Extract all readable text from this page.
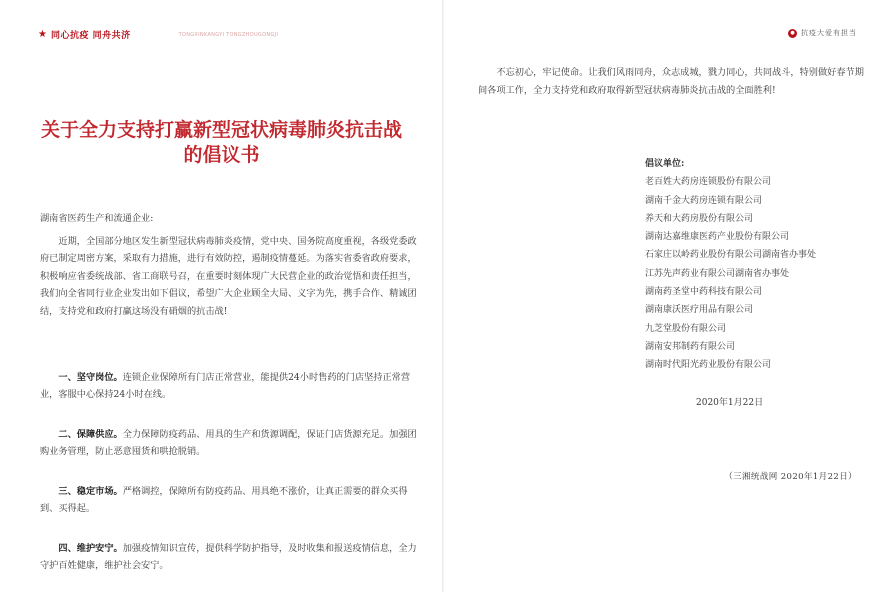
★ 同心抗疫 同舟共济	TONGXINKANGYI TONGZHOUGONGJI
关于全力支持打赢新型冠状病毒肺炎抗击战
的倡议书
湖南省医药生产和流通企业:
近期，全国部分地区发生新型冠状病毒肺炎疫情，党中央、国务院高度重视，各级党委政府已制定周密方案，采取有力措施，进行有效防控，遏制疫情蔓延。为落实省委省政府要求，积极响应省委统战部、省工商联号召，在重要时刻体现广大民营企业的政治觉悟和责任担当，我们向全省同行业企业发出如下倡议，希望广大企业顾全大局、义字为先，携手合作、精诚团结，支持党和政府打赢这场没有硝烟的抗击战!
一、坚守岗位。连锁企业保障所有门店正常营业，能提供24小时售药的门店坚持正常营业，客服中心保持24小时在线。
二、保障供应。全力保障防疫药品、用具的生产和货源调配，保证门店货源充足。加强团购业务管理，防止恶意囤货和哄抢脱销。
三、稳定市场。严格调控，保障所有防疫药品、用具绝不涨价，让真正需要的群众买得到、买得起。
四、维护安宁。加强疫情知识宣传，提供科学防护指导，及时收集和报送疫情信息，全力守护百姓健康，维护社会安宁。
● 抗疫大爱有担当
不忘初心，牢记使命。让我们风雨同舟，众志成城，戮力同心，共同战斗，特别做好春节期间各项工作，全力支持党和政府取得新型冠状病毒肺炎抗击战的全面胜利!
倡议单位:
老百姓大药房连锁股份有限公司
湖南千金大药房连锁有限公司
养天和大药房股份有限公司
湖南达嘉维康医药产业股份有限公司
石家庄以岭药业股份有限公司湖南省办事处
江苏先声药业有限公司湖南省办事处
湖南药圣堂中药科技有限公司
湖南康沃医疗用品有限公司
九芝堂股份有限公司
湖南安邦制药有限公司
湖南时代阳光药业股份有限公司
2020年1月22日
（三湘统战网 2020年1月22日）
